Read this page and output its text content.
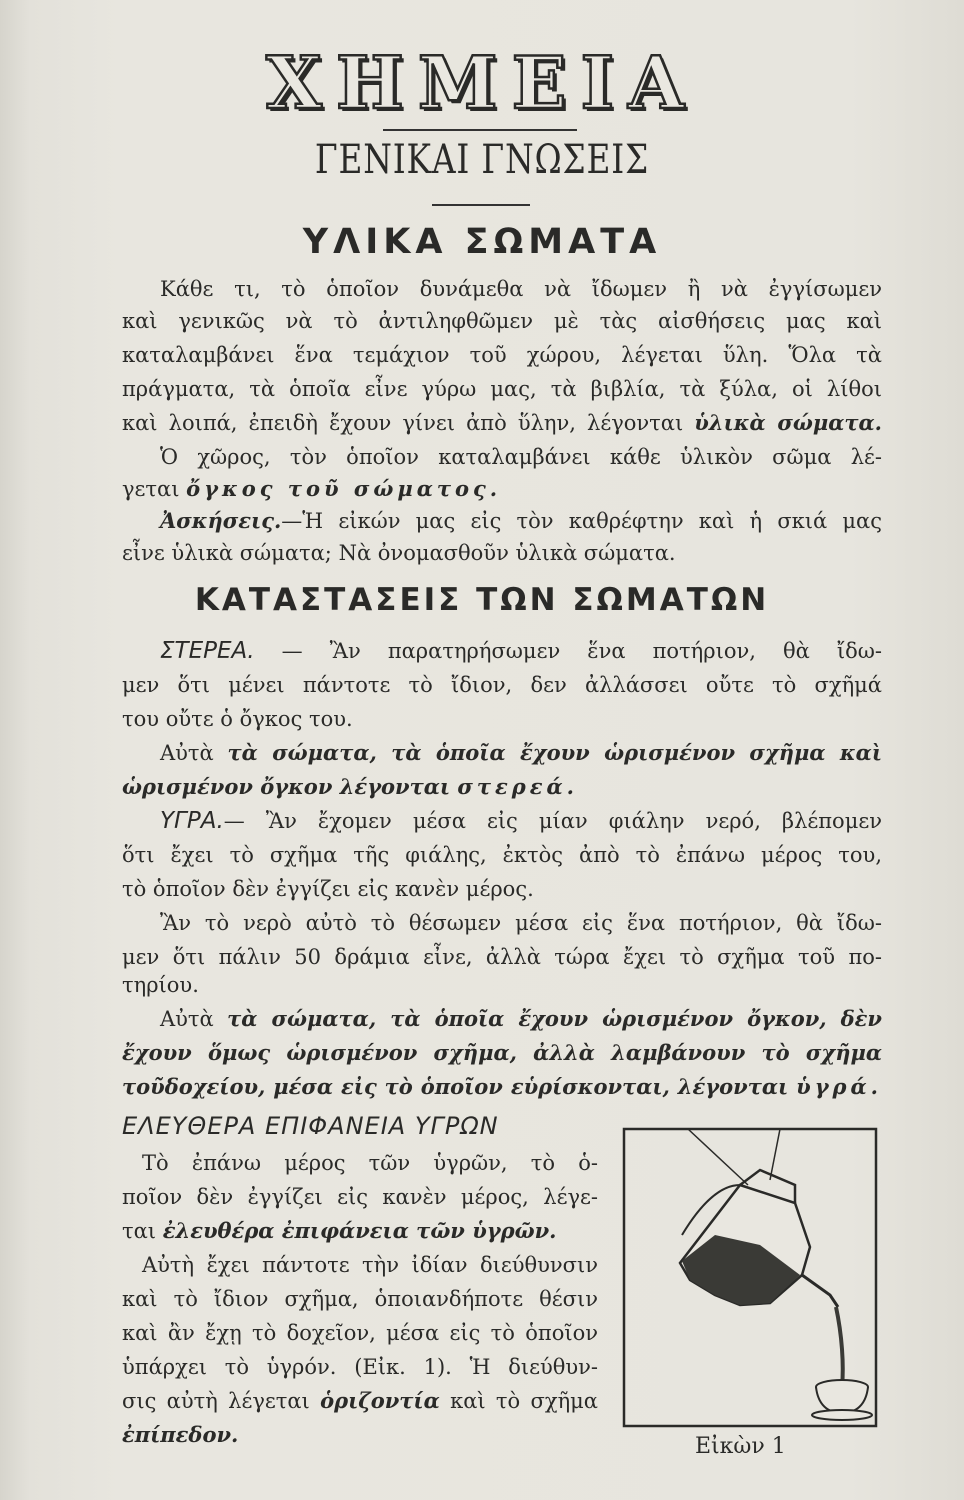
ΧΗΜΕΙΑ
ΓΕΝΙΚΑΙ ΓΝΩΣΕΙΣ
ΥΛΙΚΑ ΣΩΜΑΤΑ
Κάθε τι, τὸ ὁποῖον δυνάμεθα νὰ ἴδωμεν ἢ νὰ ἐγγίσωμεν
καὶ γενικῶς νὰ τὸ ἀντιληφθῶμεν μὲ τὰς αἰσθήσεις μας καὶ
καταλαμβάνει ἕνα τεμάχιον τοῦ χώρου, λέγεται ὕλη. Ὅλα τὰ
πράγματα, τὰ ὁποῖα εἶνε γύρω μας, τὰ βιβλία, τὰ ξύλα, οἱ λίθοι
καὶ λοιπά, ἐπειδὴ ἔχουν γίνει ἀπὸ ὕλην, λέγονται ὑλικὰ σώματα.
Ὁ χῶρος, τὸν ὁποῖον καταλαμβάνει κάθε ὑλικὸν σῶμα λέ-
γεται ὄγκος τοῦ σώματος.
Ἀσκήσεις.—Ἡ εἰκών μας εἰς τὸν καθρέφτην καὶ ἡ σκιά μας
εἶνε ὑλικὰ σώματα; Νὰ ὀνομασθοῦν ὑλικὰ σώματα.
ΚΑΤΑΣΤΑΣΕΙΣ ΤΩΝ ΣΩΜΑΤΩΝ
ΣΤΕΡΕΑ. — Ἂν παρατηρήσωμεν ἕνα ποτήριον, θὰ ἴδω-
μεν ὅτι μένει πάντοτε τὸ ἴδιον, δεν ἀλλάσσει οὔτε τὸ σχῆμά
του οὔτε ὁ ὄγκος του.
Αὐτὰ τὰ σώματα, τὰ ὁποῖα ἔχουν ὡρισμένον σχῆμα καὶ
ὡρισμένον ὄγκον λέγονται στερεά.
ΥΓΡΑ.— Ἂν ἔχομεν μέσα εἰς μίαν φιάλην νερό, βλέπομεν
ὅτι ἔχει τὸ σχῆμα τῆς φιάλης, ἐκτὸς ἀπὸ τὸ ἐπάνω μέρος του,
τὸ ὁποῖον δὲν ἐγγίζει εἰς κανὲν μέρος.
Ἂν τὸ νερὸ αὐτὸ τὸ θέσωμεν μέσα εἰς ἕνα ποτήριον, θὰ ἴδω-
μεν ὅτι πάλιν 50 δράμια εἶνε, ἀλλὰ τώρα ἔχει τὸ σχῆμα τοῦ πο-
τηρίου.
Αὐτὰ τὰ σώματα, τὰ ὁποῖα ἔχουν ὡρισμένον ὄγκον, δὲν
ἔχουν ὅμως ὡρισμένον σχῆμα, ἀλλὰ λαμβάνουν τὸ σχῆμα
τοῦδοχείου, μέσα εἰς τὸ ὁποῖον εὑρίσκονται, λέγονται ὑγρά.
ΕΛΕΥΘΕΡΑ ΕΠΙΦΑΝΕΙΑ ΥΓΡΩΝ
Τὸ ἐπάνω μέρος τῶν ὑγρῶν, τὸ ὁ-
ποῖον δὲν ἐγγίζει εἰς κανὲν μέρος, λέγε-
ται ἐλευθέρα ἐπιφάνεια τῶν ὑγρῶν.
Αὐτὴ ἔχει πάντοτε τὴν ἰδίαν διεύθυνσιν
καὶ τὸ ἴδιον σχῆμα, ὁποιανδήποτε θέσιν
καὶ ἂν ἔχῃ τὸ δοχεῖον, μέσα εἰς τὸ ὁποῖον
ὑπάρχει τὸ ὑγρόν. (Εἰκ. 1). Ἡ διεύθυν-
σις αὐτὴ λέγεται ὁριζοντία καὶ τὸ σχῆμα
ἐπίπεδον.	Εἰκὼν 1
